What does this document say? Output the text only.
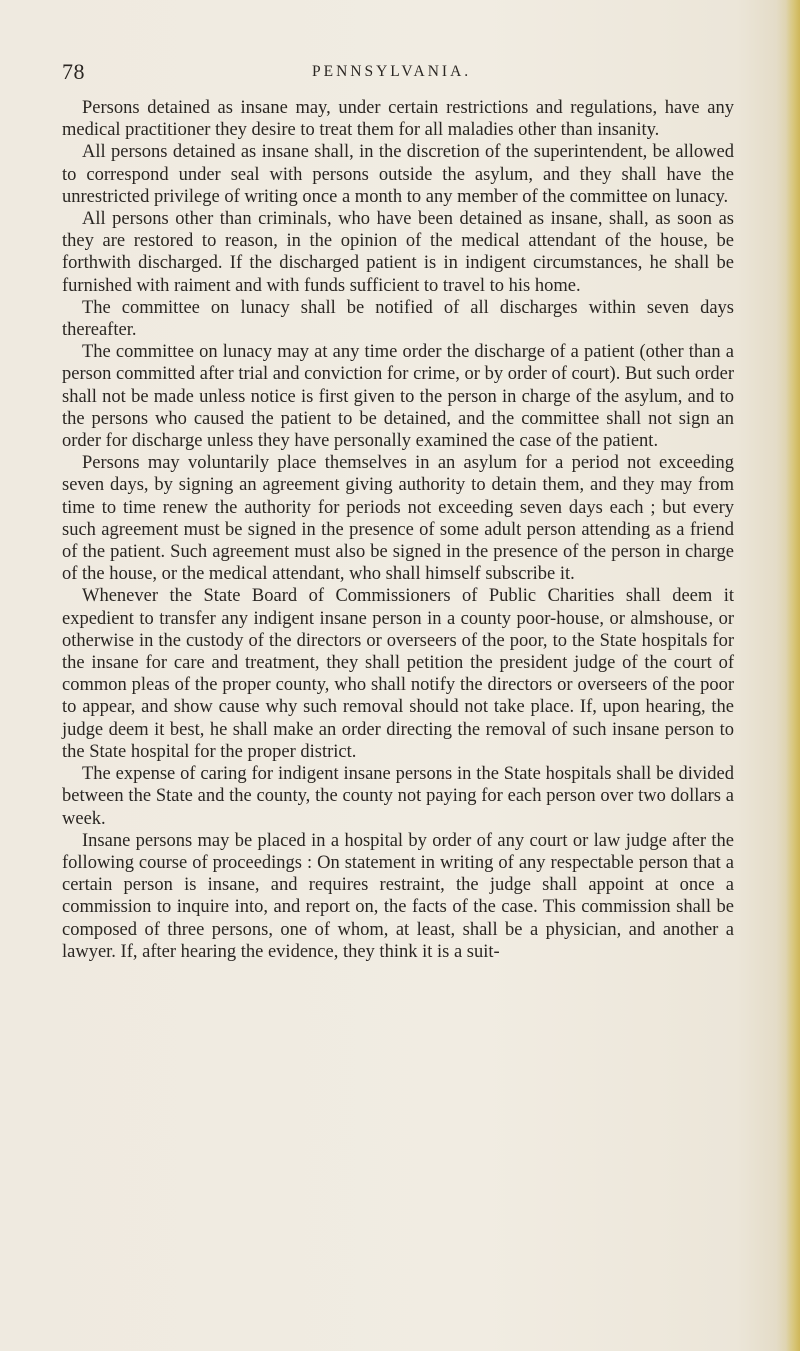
78	PENNSYLVANIA.

Persons detained as insane may, under certain restrictions and regulations, have any medical practitioner they desire to treat them for all maladies other than insanity.

All persons detained as insane shall, in the discretion of the superintendent, be allowed to correspond under seal with persons outside the asylum, and they shall have the unrestricted privilege of writing once a month to any member of the committee on lunacy.

All persons other than criminals, who have been detained as insane, shall, as soon as they are restored to reason, in the opinion of the medical attendant of the house, be forthwith discharged. If the discharged patient is in indigent circumstances, he shall be furnished with raiment and with funds sufficient to travel to his home.

The committee on lunacy shall be notified of all discharges within seven days thereafter.

The committee on lunacy may at any time order the discharge of a patient (other than a person committed after trial and conviction for crime, or by order of court). But such order shall not be made unless notice is first given to the person in charge of the asylum, and to the persons who caused the patient to be detained, and the committee shall not sign an order for discharge unless they have personally examined the case of the patient.

Persons may voluntarily place themselves in an asylum for a period not exceeding seven days, by signing an agreement giving authority to detain them, and they may from time to time renew the authority for periods not exceeding seven days each ; but every such agreement must be signed in the presence of some adult person attending as a friend of the patient. Such agreement must also be signed in the presence of the person in charge of the house, or the medical attendant, who shall himself subscribe it.

Whenever the State Board of Commissioners of Public Charities shall deem it expedient to transfer any indigent insane person in a county poor-house, or almshouse, or otherwise in the custody of the directors or overseers of the poor, to the State hospitals for the insane for care and treatment, they shall petition the president judge of the court of common pleas of the proper county, who shall notify the directors or overseers of the poor to appear, and show cause why such removal should not take place. If, upon hearing, the judge deem it best, he shall make an order directing the removal of such insane person to the State hospital for the proper district.

The expense of caring for indigent insane persons in the State hospitals shall be divided between the State and the county, the county not paying for each person over two dollars a week.

Insane persons may be placed in a hospital by order of any court or law judge after the following course of proceedings : On statement in writing of any respectable person that a certain person is insane, and requires restraint, the judge shall appoint at once a commission to inquire into, and report on, the facts of the case. This commission shall be composed of three persons, one of whom, at least, shall be a physician, and another a lawyer. If, after hearing the evidence, they think it is a suit-
